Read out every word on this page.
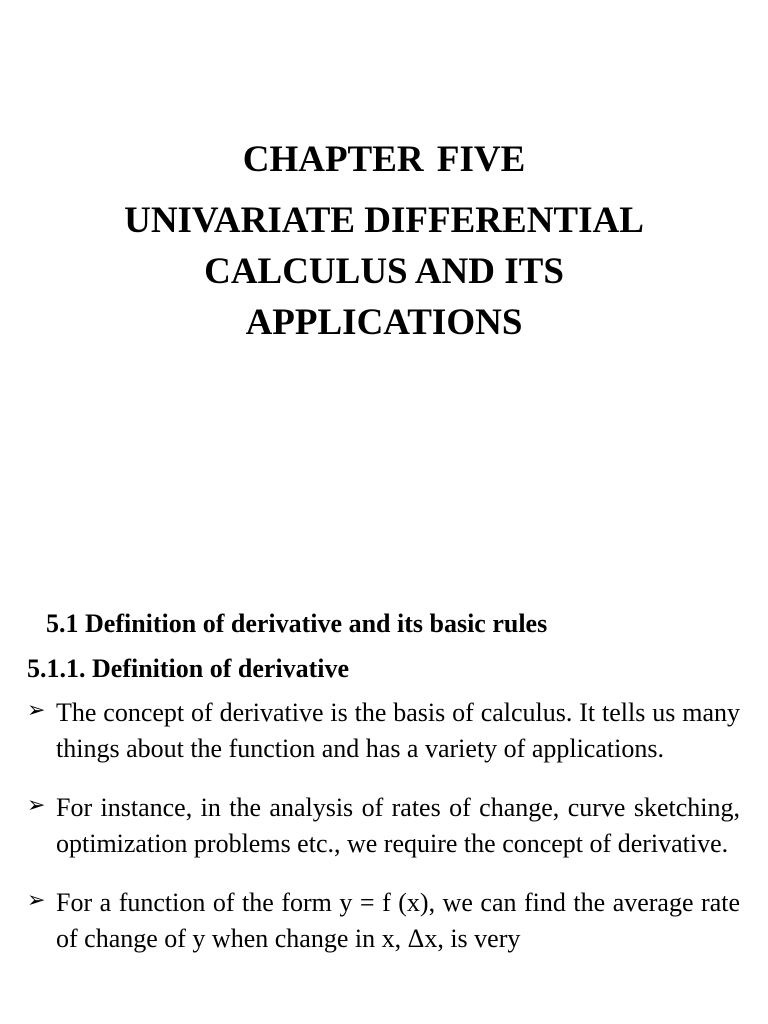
CHAPTER FIVE

UNIVARIATE DIFFERENTIAL
CALCULUS AND ITS
APPLICATIONS
5.1 Definition of derivative and its basic rules
5.1.1. Definition of derivative
➢ The concept of derivative is the basis of calculus. It tells us many things about the function and has a variety of applications.
➢ For instance, in the analysis of rates of change, curve sketching, optimization problems etc., we require the concept of derivative.
➢ For a function of the form y = f (x), we can find the average rate of change of y when change in x, Δx, is very
